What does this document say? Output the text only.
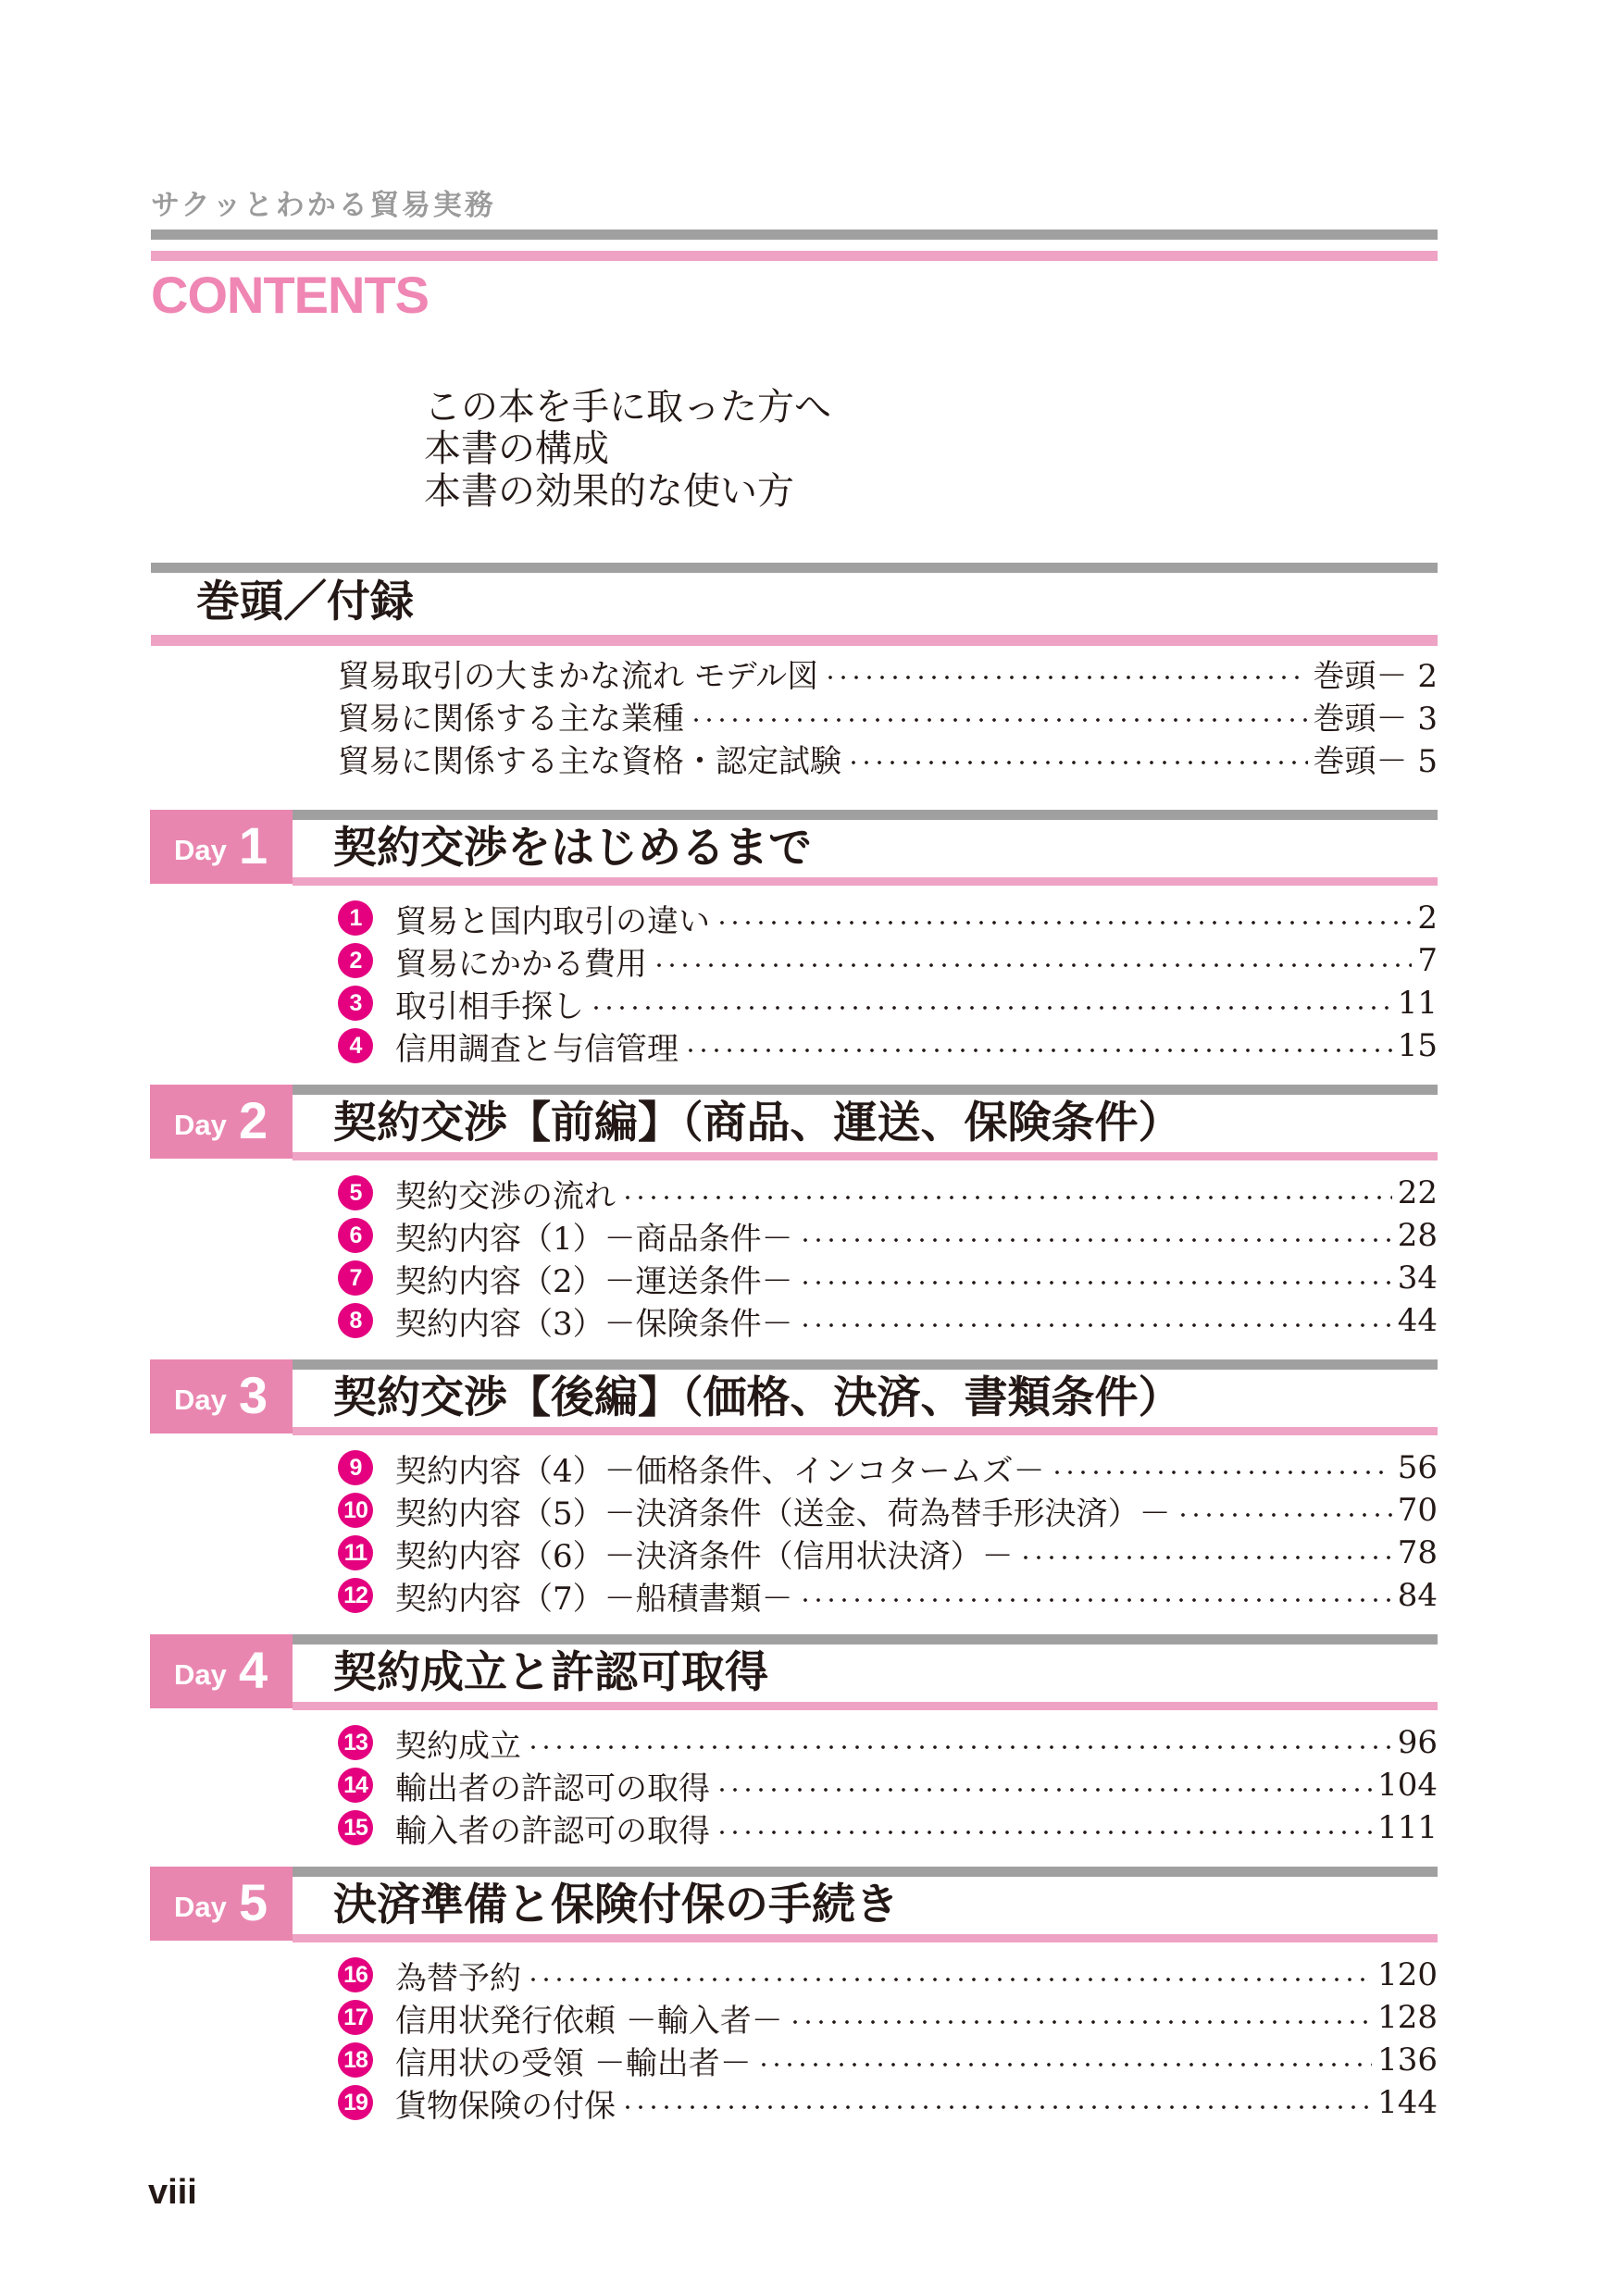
サクッとわかる貿易実務
CONTENTS
この本を手に取った方へ
本書の構成
本書の効果的な使い方
巻頭／付録
貿易取引の大まかな流れ モデル図	巻頭－ 2
貿易に関係する主な業種	巻頭－ 3
貿易に関係する主な資格・認定試験	巻頭－ 5
Day 1 契約交渉をはじめるまで
1	貿易と国内取引の違い	2
2	貿易にかかる費用	7
3	取引相手探し	11
4	信用調査と与信管理	15
Day 2 契約交渉【前編】（商品、運送、保険条件）
5	契約交渉の流れ	22
6	契約内容（1）－商品条件－	28
7	契約内容（2）－運送条件－	34
8	契約内容（3）－保険条件－	44
Day 3 契約交渉【後編】（価格、決済、書類条件）
9	契約内容（4）－価格条件、インコタームズ－	56
10 契約内容（5）－決済条件（送金、荷為替手形決済）－	70
11 契約内容（6）－決済条件（信用状決済）－	78
12 契約内容（7）－船積書類－	84
Day 4 契約成立と許認可取得
13 契約成立	96
14 輸出者の許認可の取得	104
15 輸入者の許認可の取得	111
Day 5 決済準備と保険付保の手続き
16 為替予約	120
17 信用状発行依頼 －輸入者－	128
18 信用状の受領 －輸出者－	136
19 貨物保険の付保	144
viii
